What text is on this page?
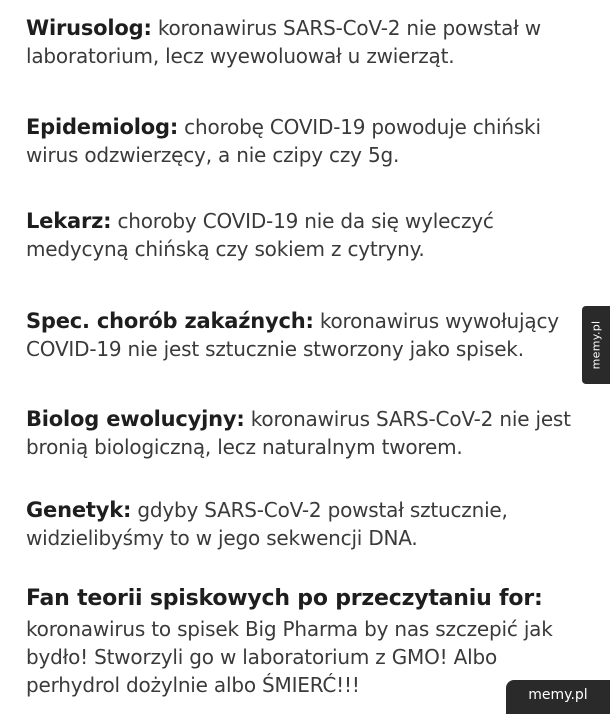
Wirusolog: koronawirus SARS-CoV-2 nie powstał w laboratorium, lecz wyewoluował u zwierząt.
Epidemiolog: chorobę COVID-19 powoduje chiński wirus odzwierzęcy, a nie czipy czy 5g.
Lekarz: choroby COVID-19 nie da się wyleczyć medycyną chińską czy sokiem z cytryny.
Spec. chorób zakaźnych: koronawirus wywołujący COVID-19 nie jest sztucznie stworzony jako spisek.
Biolog ewolucyjny: koronawirus SARS-CoV-2 nie jest bronią biologiczną, lecz naturalnym tworem.
Genetyk: gdyby SARS-CoV-2 powstał sztucznie, widzielibyśmy to w jego sekwencji DNA.
Fan teorii spiskowych po przeczytaniu for:
koronawirus to spisek Big Pharma by nas szczepić jak bydło! Stworzyli go w laboratorium z GMO! Albo perhydrol dożylnie albo ŚMIERĆ!!!
memy.pl
memy.pl
